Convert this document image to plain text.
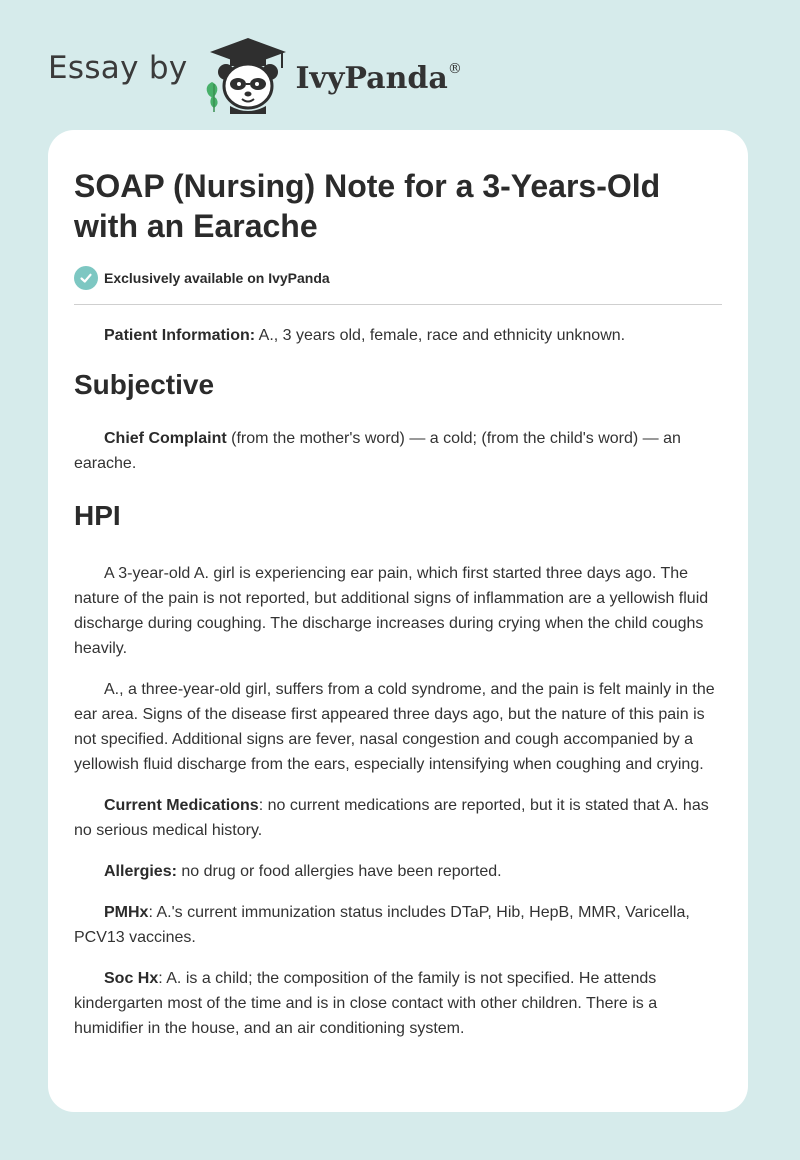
Essay by	IvyPanda®
SOAP (Nursing) Note for a 3-Years-Old with an Earache
Exclusively available on IvyPanda

Patient Information: A., 3 years old, female, race and ethnicity unknown.

Subjective

Chief Complaint (from the mother's word) — a cold; (from the child's word) — an earache.

HPI

A 3-year-old A. girl is experiencing ear pain, which first started three days ago. The nature of the pain is not reported, but additional signs of inflammation are a yellowish fluid discharge during coughing. The discharge increases during crying when the child coughs heavily.

A., a three-year-old girl, suffers from a cold syndrome, and the pain is felt mainly in the ear area. Signs of the disease first appeared three days ago, but the nature of this pain is not specified. Additional signs are fever, nasal congestion and cough accompanied by a yellowish fluid discharge from the ears, especially intensifying when coughing and crying.

Current Medications: no current medications are reported, but it is stated that A. has no serious medical history.

Allergies: no drug or food allergies have been reported.

PMHx: A.'s current immunization status includes DTaP, Hib, HepB, MMR, Varicella, PCV13 vaccines.

Soc Hx: A. is a child; the composition of the family is not specified. He attends kindergarten most of the time and is in close contact with other children. There is a humidifier in the house, and an air conditioning system.
